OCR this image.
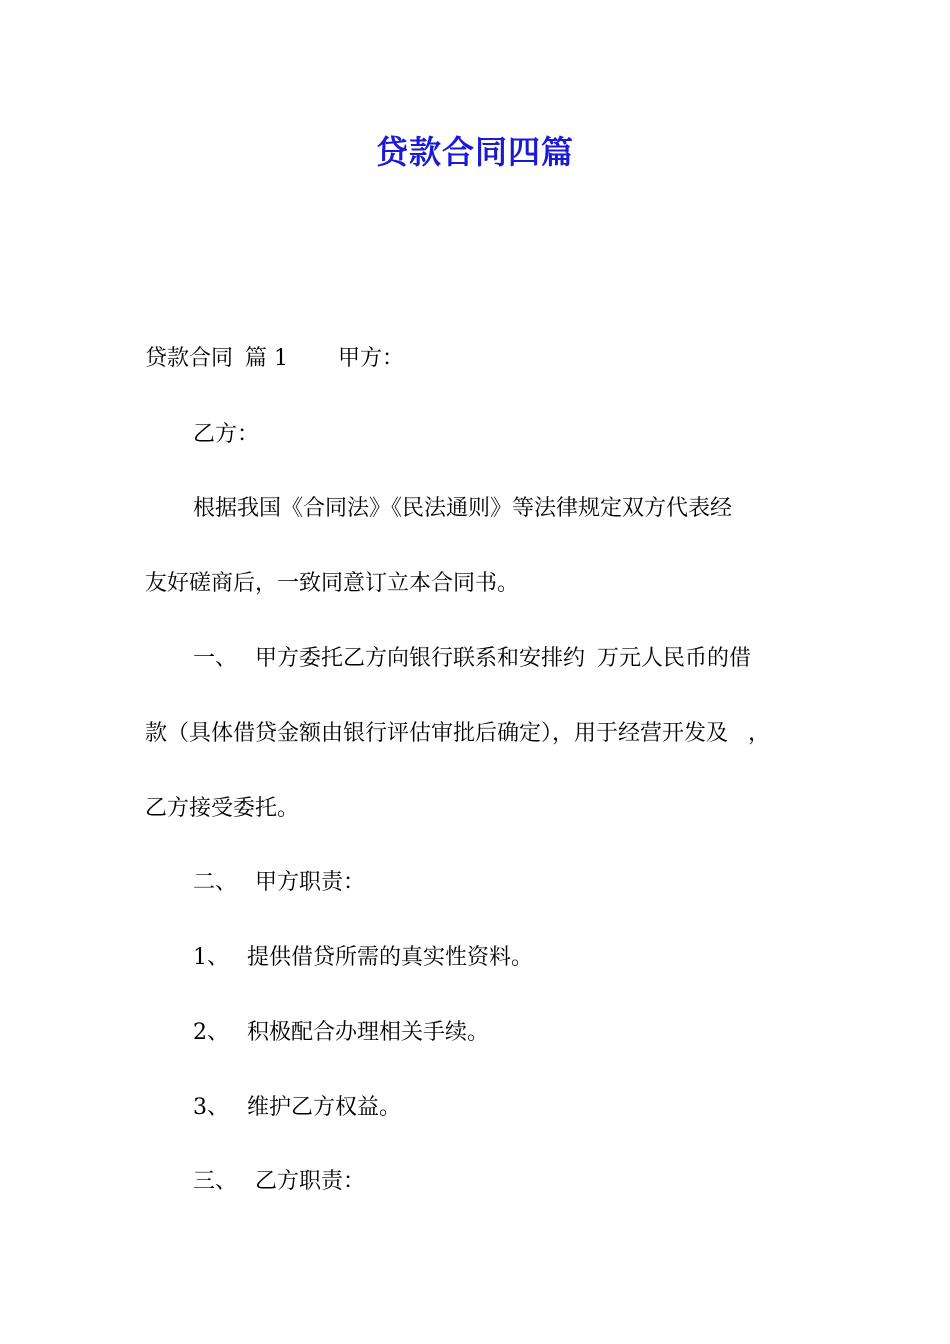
贷款合同四篇
贷款合同 篇 1 甲方：
乙方：
根据我国《合同法》《民法通则》等法律规定双方代表经
友好磋商后，一致同意订立本合同书。
一、 甲方委托乙方向银行联系和安排约 万元人民币的借
款（具体借贷金额由银行评估审批后确定），用于经营开发及 ，
乙方接受委托。
二、 甲方职责：
1、 提供借贷所需的真实性资料。
2、 积极配合办理相关手续。
3、 维护乙方权益。
三、 乙方职责：
